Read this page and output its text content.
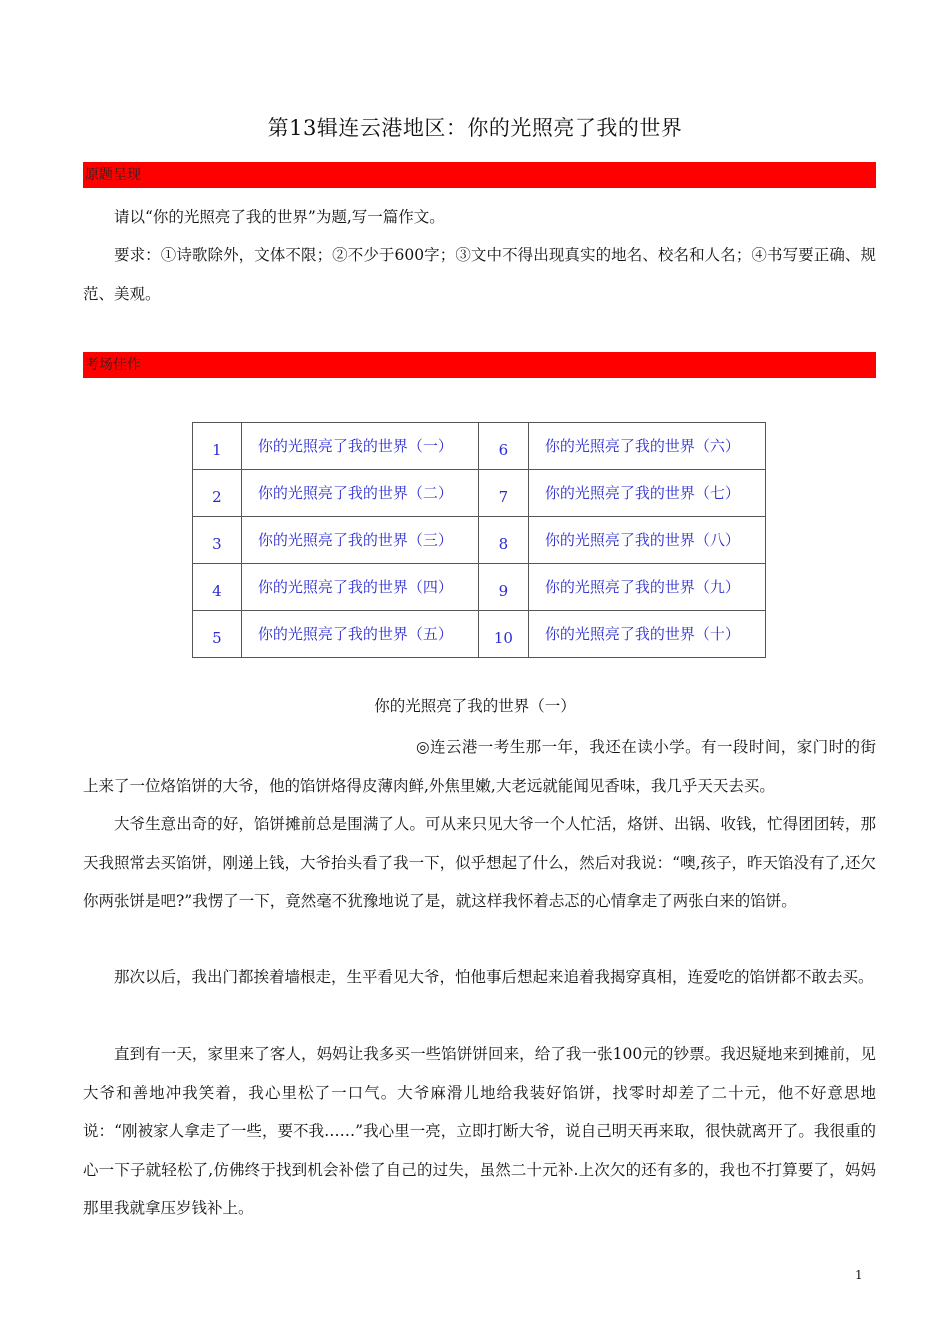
第13辑连云港地区：你的光照亮了我的世界
原题呈现
请以“你的光照亮了我的世界”为题,写一篇作文。
要求：①诗歌除外，文体不限；②不少于600字；③文中不得出现真实的地名、校名和人名；④书写要正确、规范、美观。
考场佳作
1	你的光照亮了我的世界（一）	6	你的光照亮了我的世界（六）
2	你的光照亮了我的世界（二）	7	你的光照亮了我的世界（七）
3	你的光照亮了我的世界（三）	8	你的光照亮了我的世界（八）
4	你的光照亮了我的世界（四）	9	你的光照亮了我的世界（九）
5	你的光照亮了我的世界（五）	10	你的光照亮了我的世界（十）
你的光照亮了我的世界（一）
◎连云港一考生那一年，我还在读小学。有一段时间，家门时的街上来了一位烙馅饼的大爷，他的馅饼烙得皮薄肉鲜,外焦里嫩,大老远就能闻见香味，我几乎天天去买。
大爷生意出奇的好，馅饼摊前总是围满了人。可从来只见大爷一个人忙活，烙饼、出锅、收钱，忙得团团转，那天我照常去买馅饼，刚递上钱，大爷抬头看了我一下，似乎想起了什么，然后对我说：“噢,孩子，昨天馅没有了,还欠你两张饼是吧?”我愣了一下，竟然毫不犹豫地说了是，就这样我怀着忐忑的心情拿走了两张白来的馅饼。
那次以后，我出门都挨着墙根走，生平看见大爷，怕他事后想起来追着我揭穿真相，连爱吃的馅饼都不敢去买。
直到有一天，家里来了客人，妈妈让我多买一些馅饼饼回来，给了我一张100元的钞票。我迟疑地来到摊前，见大爷和善地冲我笑着，我心里松了一口气。大爷麻滑儿地给我装好馅饼，找零时却差了二十元，他不好意思地说：“刚被家人拿走了一些，要不我……”我心里一亮，立即打断大爷，说自己明天再来取，很快就离开了。我很重的心一下子就轻松了,仿佛终于找到机会补偿了自己的过失，虽然二十元补.上次欠的还有多的，我也不打算要了，妈妈那里我就拿压岁钱补上。
1
